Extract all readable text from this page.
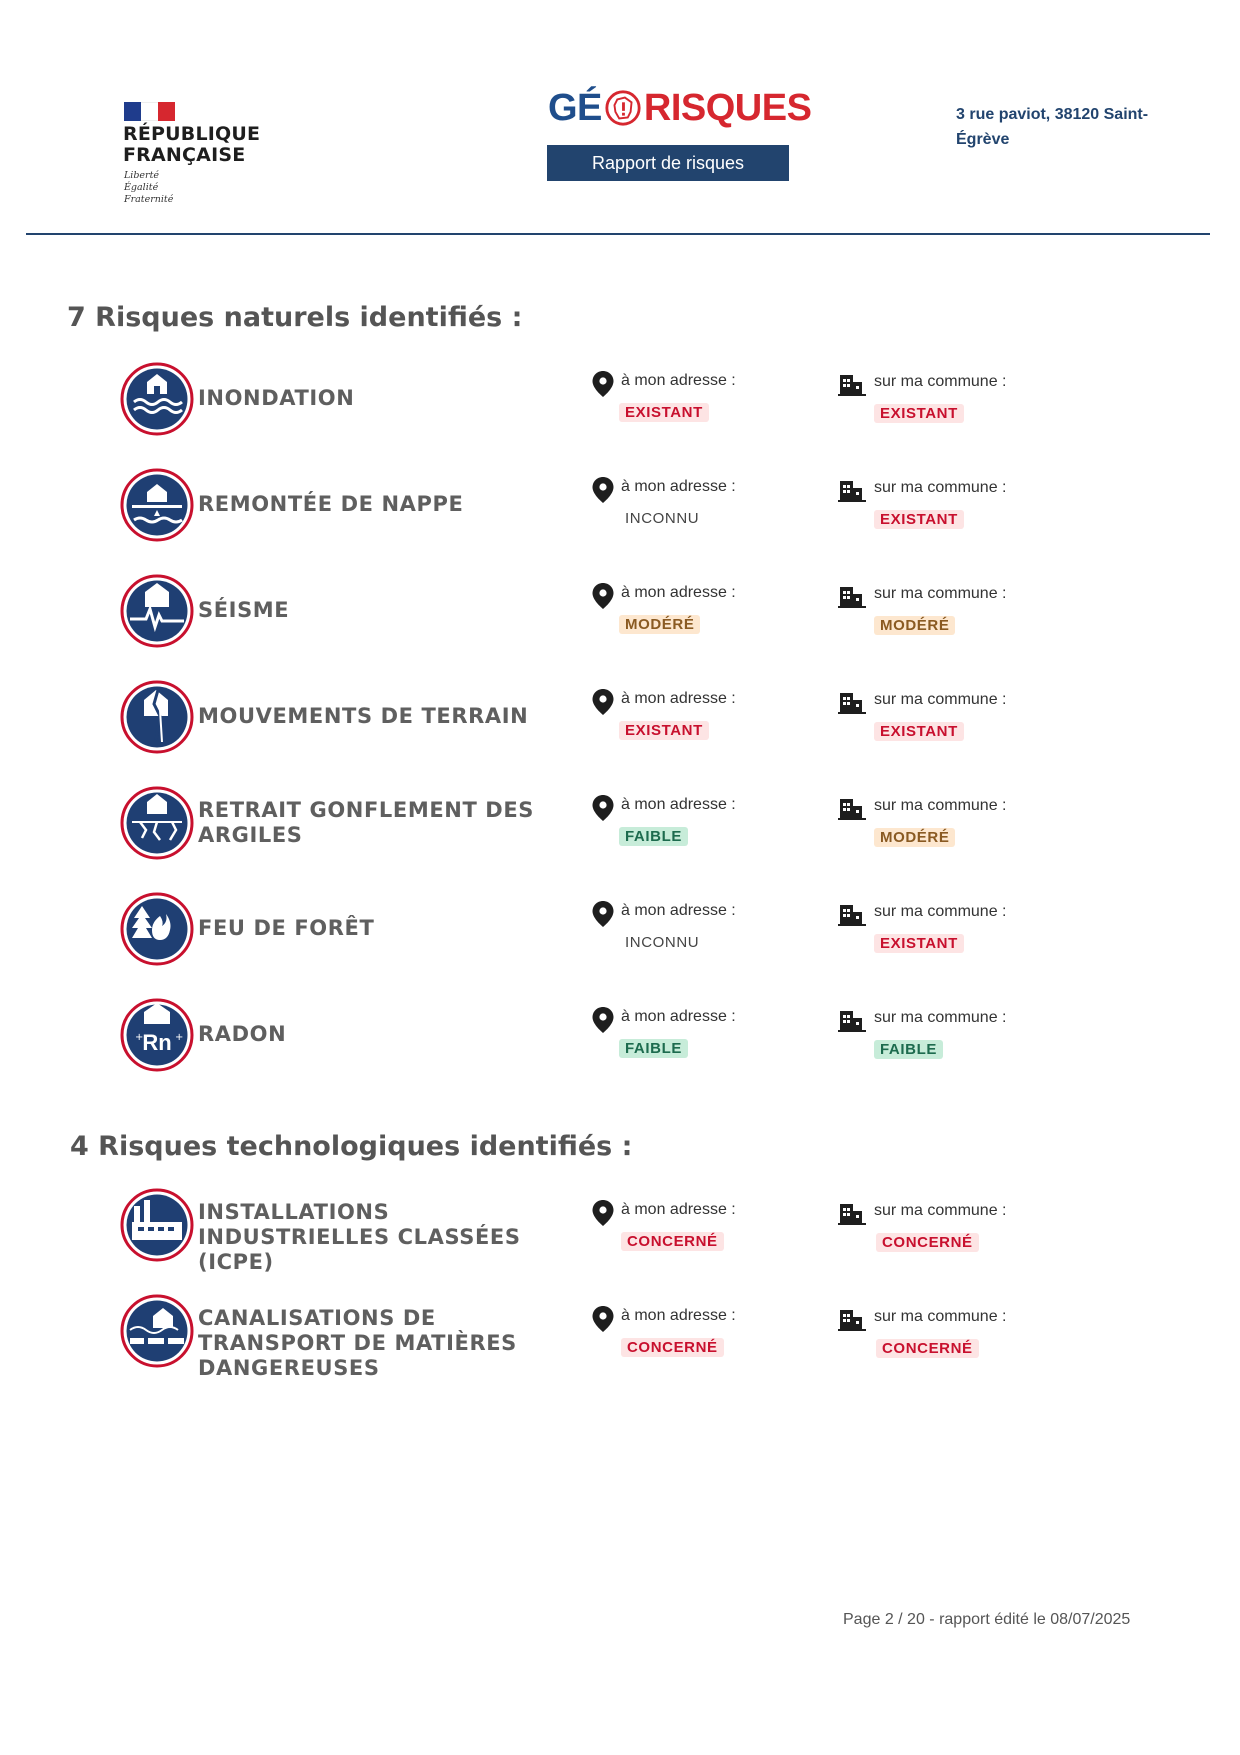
RÉPUBLIQUE
FRANÇAISE
Liberté
Égalité
Fraternité
GÉ RISQUES
Rapport de risques
3 rue paviot, 38120 Saint-Égrève
7 Risques naturels identifiés :
INONDATION
à mon adresse :
EXISTANT
sur ma commune :
EXISTANT
REMONTÉE DE NAPPE
à mon adresse :
INCONNU
sur ma commune :
EXISTANT
SÉISME
à mon adresse :
MODÉRÉ
sur ma commune :
MODÉRÉ
MOUVEMENTS DE TERRAIN
à mon adresse :
EXISTANT
sur ma commune :
EXISTANT
RETRAIT GONFLEMENT DES ARGILES
à mon adresse :
FAIBLE
sur ma commune :
MODÉRÉ
FEU DE FORÊT
à mon adresse :
INCONNU
sur ma commune :
EXISTANT
Rn
+	+ RADON
à mon adresse :
FAIBLE
sur ma commune :
FAIBLE
4 Risques technologiques identifiés :
INSTALLATIONS INDUSTRIELLES CLASSÉES (ICPE)
à mon adresse :
CONCERNÉ
sur ma commune :
CONCERNÉ
CANALISATIONS DE TRANSPORT DE MATIÈRES DANGEREUSES
à mon adresse :
CONCERNÉ
sur ma commune :
CONCERNÉ
Page 2 / 20 - rapport édité le 08/07/2025
